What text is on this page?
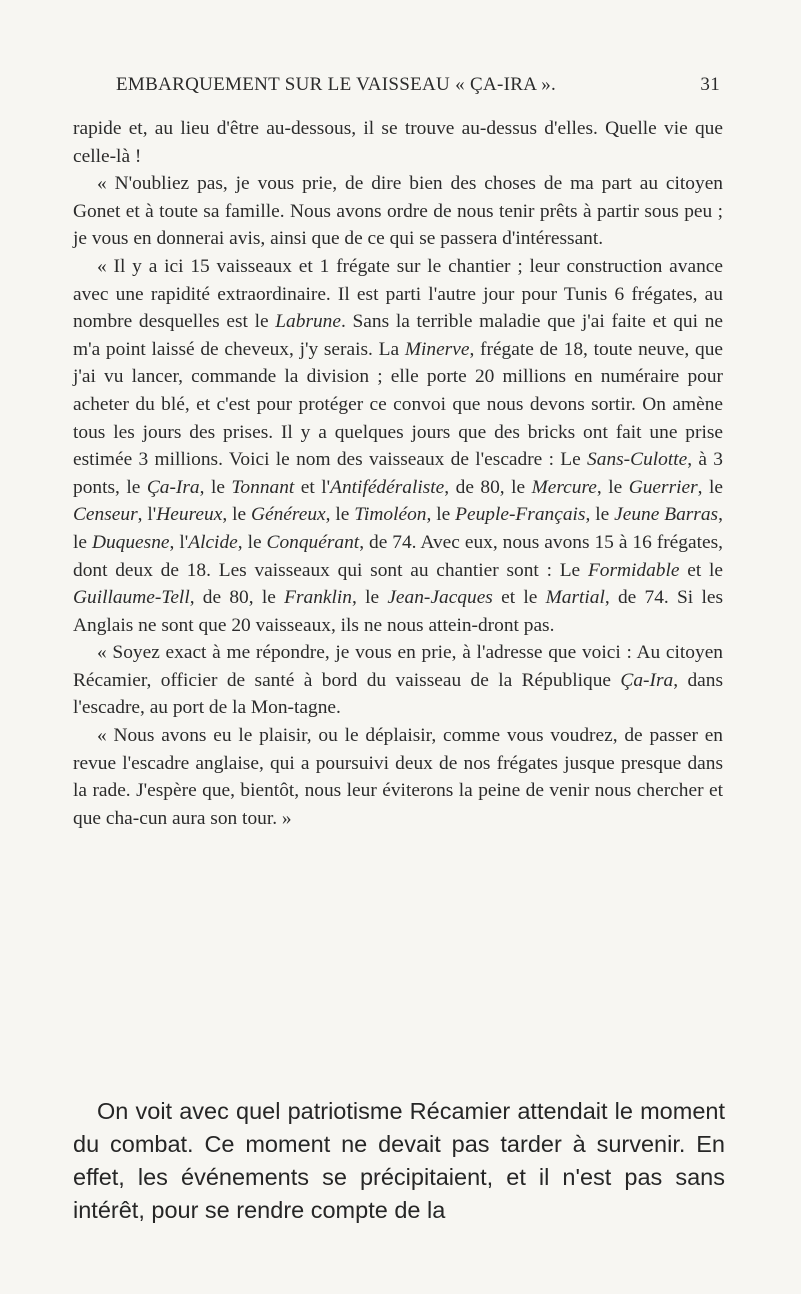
EMBARQUEMENT SUR LE VAISSEAU « ÇA-IRA ».	31

rapide et, au lieu d'être au-dessous, il se trouve au-dessus d'elles. Quelle vie que celle-là !

« N'oubliez pas, je vous prie, de dire bien des choses de ma part au citoyen Gonet et à toute sa famille. Nous avons ordre de nous tenir prêts à partir sous peu ; je vous en donnerai avis, ainsi que de ce qui se passera d'intéressant.

« Il y a ici 15 vaisseaux et 1 frégate sur le chantier ; leur construction avance avec une rapidité extraordinaire. Il est parti l'autre jour pour Tunis 6 frégates, au nombre desquelles est le Labrune. Sans la terrible maladie que j'ai faite et qui ne m'a point laissé de cheveux, j'y serais. La Minerve, frégate de 18, toute neuve, que j'ai vu lancer, commande la division ; elle porte 20 millions en numéraire pour acheter du blé, et c'est pour protéger ce convoi que nous devons sortir. On amène tous les jours des prises. Il y a quelques jours que des bricks ont fait une prise estimée 3 millions. Voici le nom des vaisseaux de l'escadre : Le Sans-Culotte, à 3 ponts, le Ça-Ira, le Tonnant et l'Antifédéraliste, de 80, le Mercure, le Guerrier, le Censeur, l'Heureux, le Généreux, le Timoléon, le Peuple-Français, le Jeune Barras, le Duquesne, l'Alcide, le Conquérant, de 74. Avec eux, nous avons 15 à 16 frégates, dont deux de 18. Les vaisseaux qui sont au chantier sont : Le Formidable et le Guillaume-Tell, de 80, le Franklin, le Jean-Jacques et le Martial, de 74. Si les Anglais ne sont que 20 vaisseaux, ils ne nous attein-dront pas.

« Soyez exact à me répondre, je vous en prie, à l'adresse que voici : Au citoyen Récamier, officier de santé à bord du vaisseau de la République Ça-Ira, dans l'escadre, au port de la Mon-tagne.

« Nous avons eu le plaisir, ou le déplaisir, comme vous voudrez, de passer en revue l'escadre anglaise, qui a poursuivi deux de nos frégates jusque presque dans la rade. J'espère que, bientôt, nous leur éviterons la peine de venir nous chercher et que cha-cun aura son tour. »

On voit avec quel patriotisme Récamier attendait le moment du combat. Ce moment ne devait pas tarder à survenir. En effet, les événements se précipitaient, et il n'est pas sans intérêt, pour se rendre compte de la
